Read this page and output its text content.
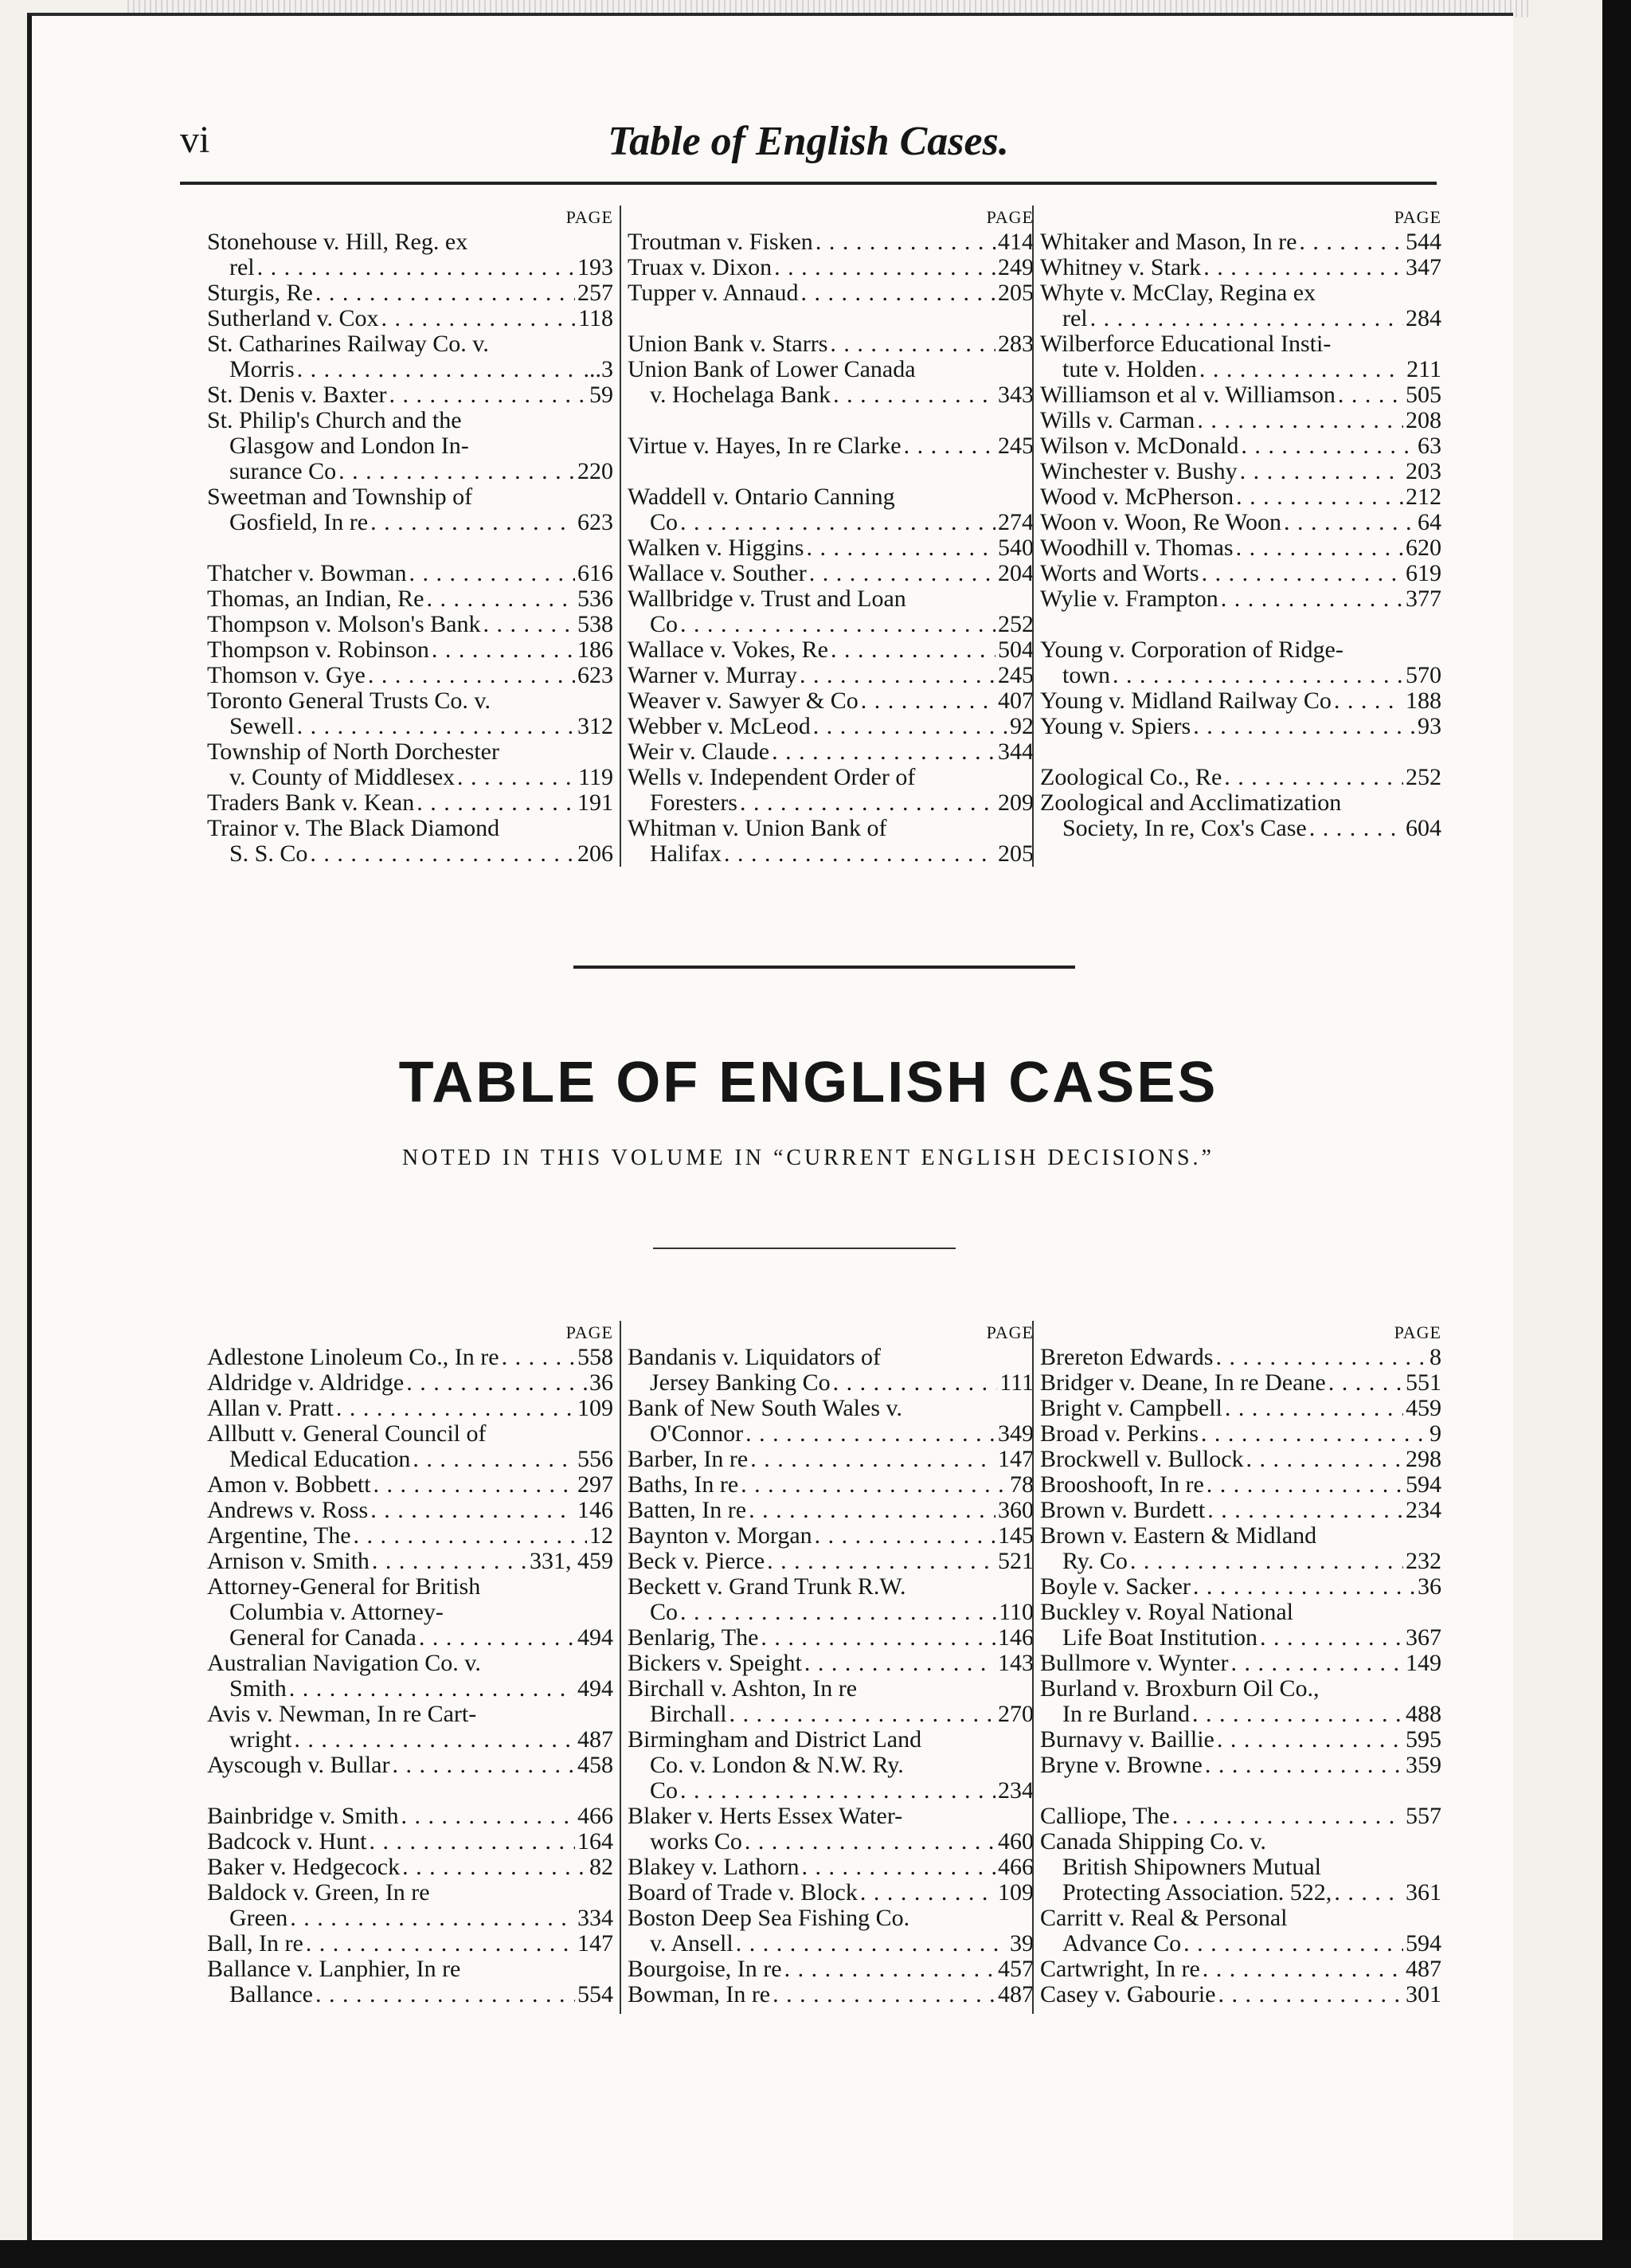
vi	Table of English Cases.
PAGE
Stonehouse v. Hill, Reg. ex
rel . . .	193
Sturgis, Re . . .	257
Sutherland v. Cox . . .	118
St. Catharines Railway Co. v.
Morris . . .	...3
St. Denis v. Baxter . . .	59
St. Philip's Church and the
Glasgow and London In-
surance Co . . .	220
Sweetman and Township of
Gosfield, In re . . .	623
Thatcher v. Bowman . . .	616
Thomas, an Indian, Re . . .	536
Thompson v. Molson's Bank . . .	538
Thompson v. Robinson . . .	186
Thomson v. Gye . . .	623
Toronto General Trusts Co. v.
Sewell . . .	312
Township of North Dorchester
v. County of Middlesex . . .	119
Traders Bank v. Kean . . .	191
Trainor v. The Black Diamond
S. S. Co . . .	206
PAGE
Troutman v. Fisken . . .	414
Truax v. Dixon . . .	249
Tupper v. Annaud . . .	205
Union Bank v. Starrs . . .	283
Union Bank of Lower Canada
v. Hochelaga Bank . . .	343
Virtue v. Hayes, In re Clarke . . .	245
Waddell v. Ontario Canning
Co . . .	274
Walken v. Higgins . . .	540
Wallace v. Souther . . .	204
Wallbridge v. Trust and Loan
Co . . .	252
Wallace v. Vokes, Re . . .	504
Warner v. Murray . . .	245
Weaver v. Sawyer & Co . . .	407
Webber v. McLeod . . .	92
Weir v. Claude . . .	344
Wells v. Independent Order of
Foresters . . .	209
Whitman v. Union Bank of
Halifax . . .	205
PAGE
Whitaker and Mason, In re . . .	544
Whitney v. Stark . . .	347
Whyte v. McClay, Regina ex
rel . . .	284
Wilberforce Educational Insti-
tute v. Holden . . .	211
Williamson et al v. Williamson . . .	505
Wills v. Carman . . .	208
Wilson v. McDonald . . .	63
Winchester v. Bushy . . .	203
Wood v. McPherson . . .	212
Woon v. Woon, Re Woon . . .	64
Woodhill v. Thomas . . .	620
Worts and Worts . . .	619
Wylie v. Frampton . . .	377
Young v. Corporation of Ridge-
town . . .	570
Young v. Midland Railway Co . . .	188
Young v. Spiers . . .	93
Zoological Co., Re . . .	252
Zoological and Acclimatization
Society, In re, Cox's Case . . .	604
TABLE OF ENGLISH CASES
NOTED IN THIS VOLUME IN “CURRENT ENGLISH DECISIONS.”
PAGE
Adlestone Linoleum Co., In re . . .	558
Aldridge v. Aldridge . . .	36
Allan v. Pratt . . .	109
Allbutt v. General Council of
Medical Education . . .	556
Amon v. Bobbett . . .	297
Andrews v. Ross . . .	146
Argentine, The . . .	12
Arnison v. Smith . . .	331, 459
Attorney-General for British
Columbia v. Attorney-
General for Canada . . .	494
Australian Navigation Co. v.
Smith . . .	494
Avis v. Newman, In re Cart-
wright . . .	487
Ayscough v. Bullar . . .	458
Bainbridge v. Smith . . .	466
Badcock v. Hunt . . .	164
Baker v. Hedgecock . . .	82
Baldock v. Green, In re
Green . . .	334
Ball, In re . . .	147
Ballance v. Lanphier, In re
Ballance . . .	554
PAGE
Bandanis v. Liquidators of
Jersey Banking Co . . .	111
Bank of New South Wales v.
O'Connor . . .	349
Barber, In re . . .	147
Baths, In re . . .	78
Batten, In re . . .	360
Baynton v. Morgan . . .	145
Beck v. Pierce . . .	521
Beckett v. Grand Trunk R.W.
Co . . .	110
Benlarig, The . . .	146
Bickers v. Speight . . .	143
Birchall v. Ashton, In re
Birchall . . .	270
Birmingham and District Land
Co. v. London & N.W. Ry.
Co . . .	234
Blaker v. Herts Essex Water-
works Co . . .	460
Blakey v. Lathorn . . .	466
Board of Trade v. Block . . .	109
Boston Deep Sea Fishing Co.
v. Ansell . . .	39
Bourgoise, In re . . .	457
Bowman, In re . . .	487
PAGE
Brereton Edwards . . .	8
Bridger v. Deane, In re Deane . . .	551
Bright v. Campbell . . .	459
Broad v. Perkins . . .	9
Brockwell v. Bullock . . .	298
Brooshooft, In re . . .	594
Brown v. Burdett . . .	234
Brown v. Eastern & Midland
Ry. Co . . .	232
Boyle v. Sacker . . .	36
Buckley v. Royal National
Life Boat Institution . . .	367
Bullmore v. Wynter . . .	149
Burland v. Broxburn Oil Co.,
In re Burland . . .	488
Burnavy v. Baillie . . .	595
Bryne v. Browne . . .	359
Calliope, The . . .	557
Canada Shipping Co. v.
British Shipowners Mutual
Protecting Association. 522, . . .	361
Carritt v. Real & Personal
Advance Co . . .	594
Cartwright, In re . . .	487
Casey v. Gabourie . . .	301
